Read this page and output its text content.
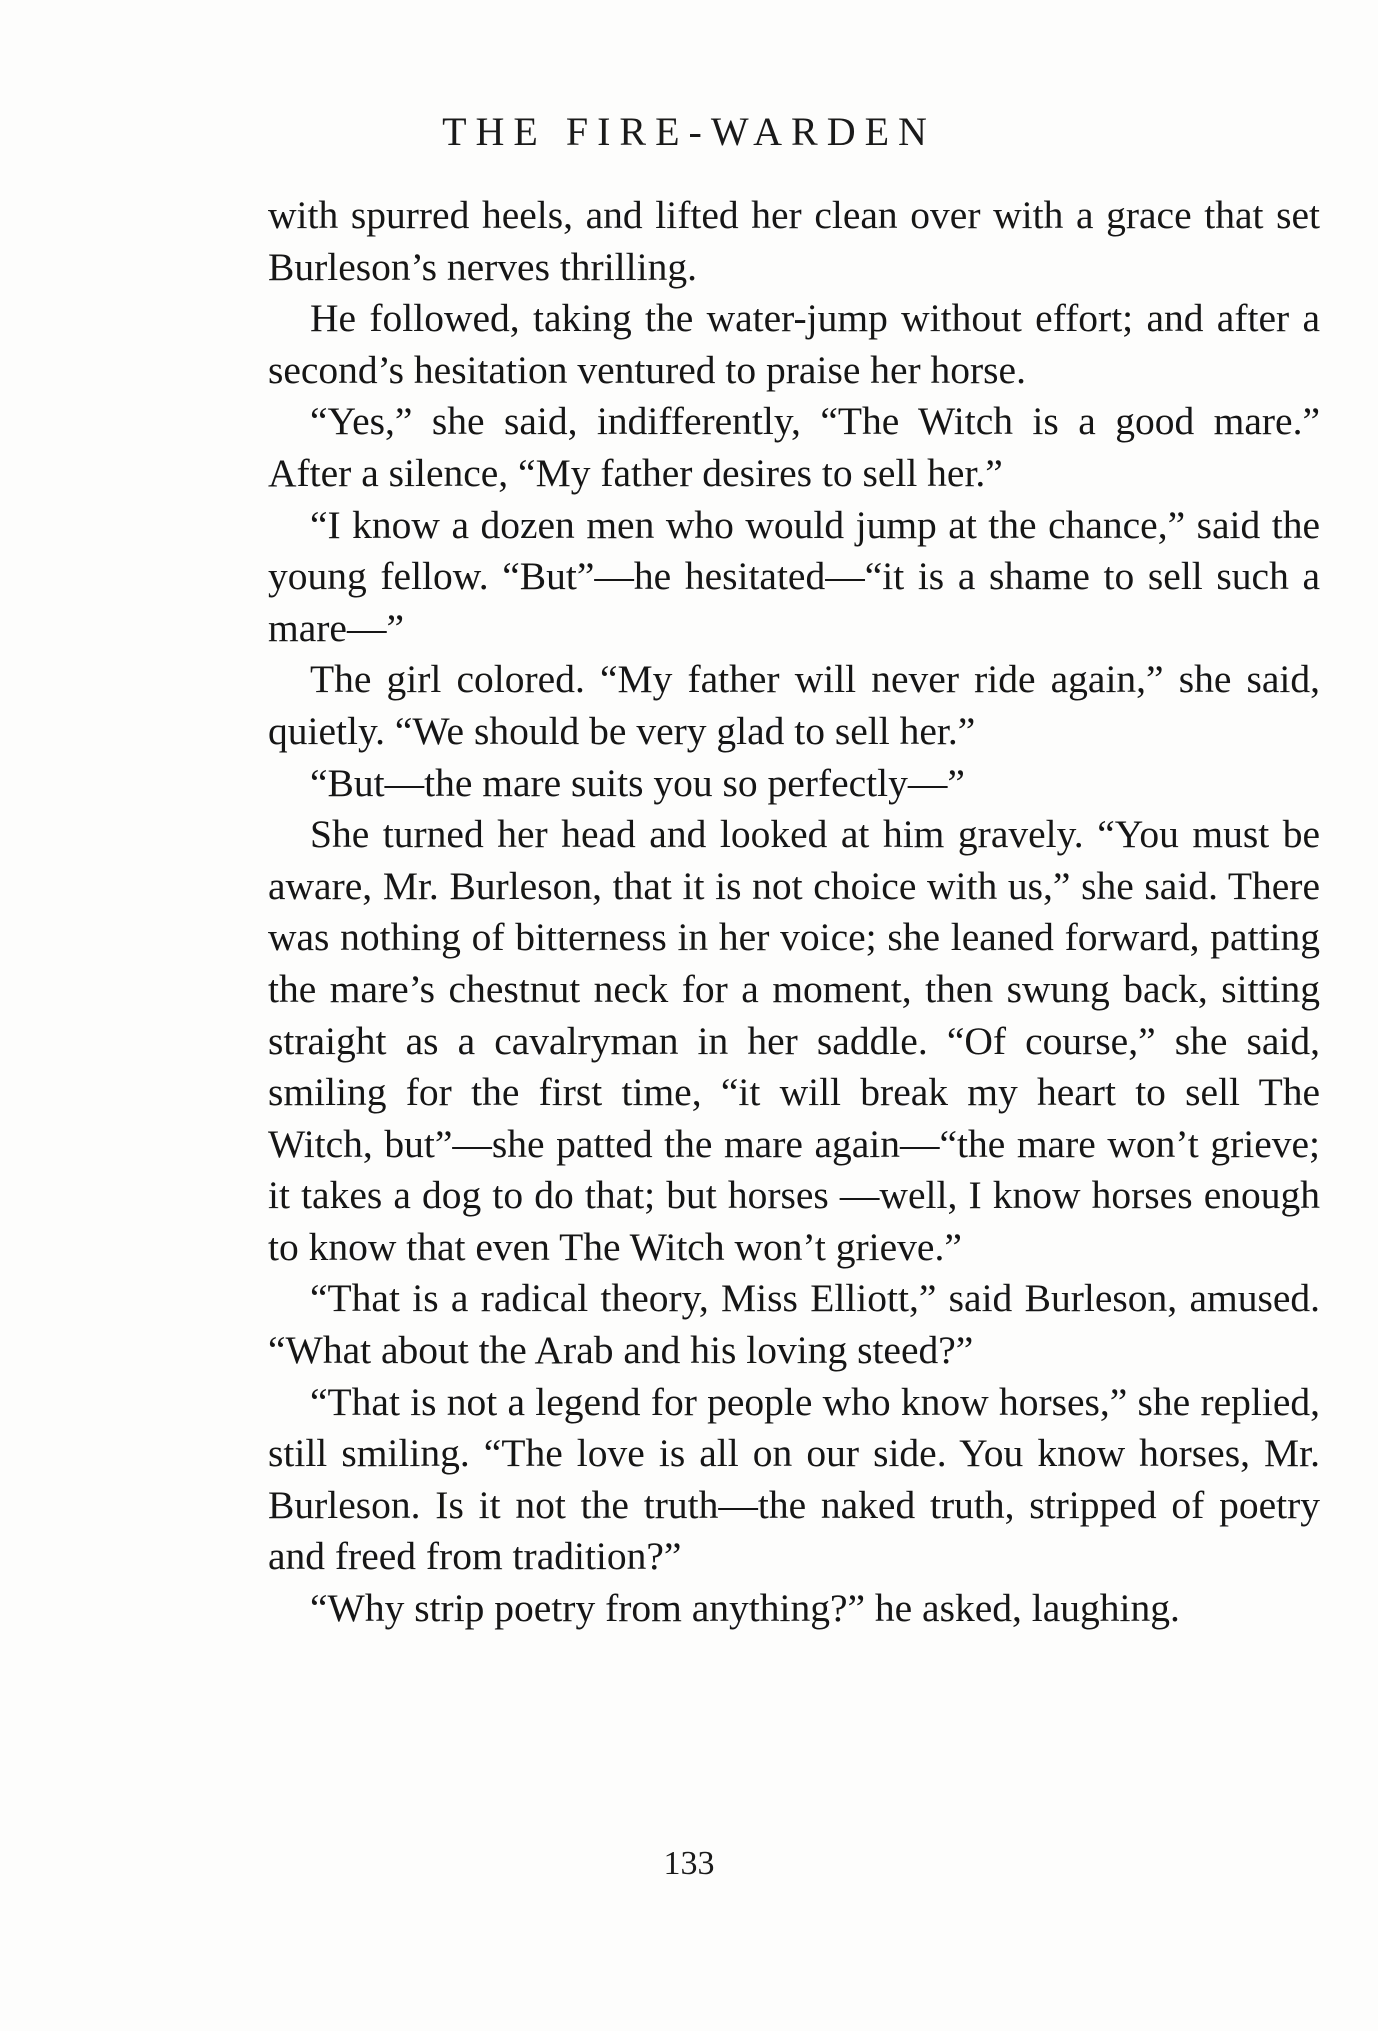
THE FIRE-WARDEN

with spurred heels, and lifted her clean over with a grace that set Burleson’s nerves thrilling.

He followed, taking the water-jump without effort; and after a second’s hesitation ventured to praise her horse.

“Yes,” she said, indifferently, “The Witch is a good mare.” After a silence, “My father desires to sell her.”

“I know a dozen men who would jump at the chance,” said the young fellow. “But”—he hesitated—“it is a shame to sell such a mare—”

The girl colored. “My father will never ride again,” she said, quietly. “We should be very glad to sell her.”

“But—the mare suits you so perfectly—”

She turned her head and looked at him gravely. “You must be aware, Mr. Burleson, that it is not choice with us,” she said. There was nothing of bitterness in her voice; she leaned forward, patting the mare’s chestnut neck for a moment, then swung back, sitting straight as a cavalryman in her saddle. “Of course,” she said, smiling for the first time, “it will break my heart to sell The Witch, but”—she patted the mare again—“the mare won’t grieve; it takes a dog to do that; but horses —well, I know horses enough to know that even The Witch won’t grieve.”

“That is a radical theory, Miss Elliott,” said Burleson, amused. “What about the Arab and his loving steed?”

“That is not a legend for people who know horses,” she replied, still smiling. “The love is all on our side. You know horses, Mr. Burleson. Is it not the truth—the naked truth, stripped of poetry and freed from tradition?”

“Why strip poetry from anything?” he asked, laughing.

133
